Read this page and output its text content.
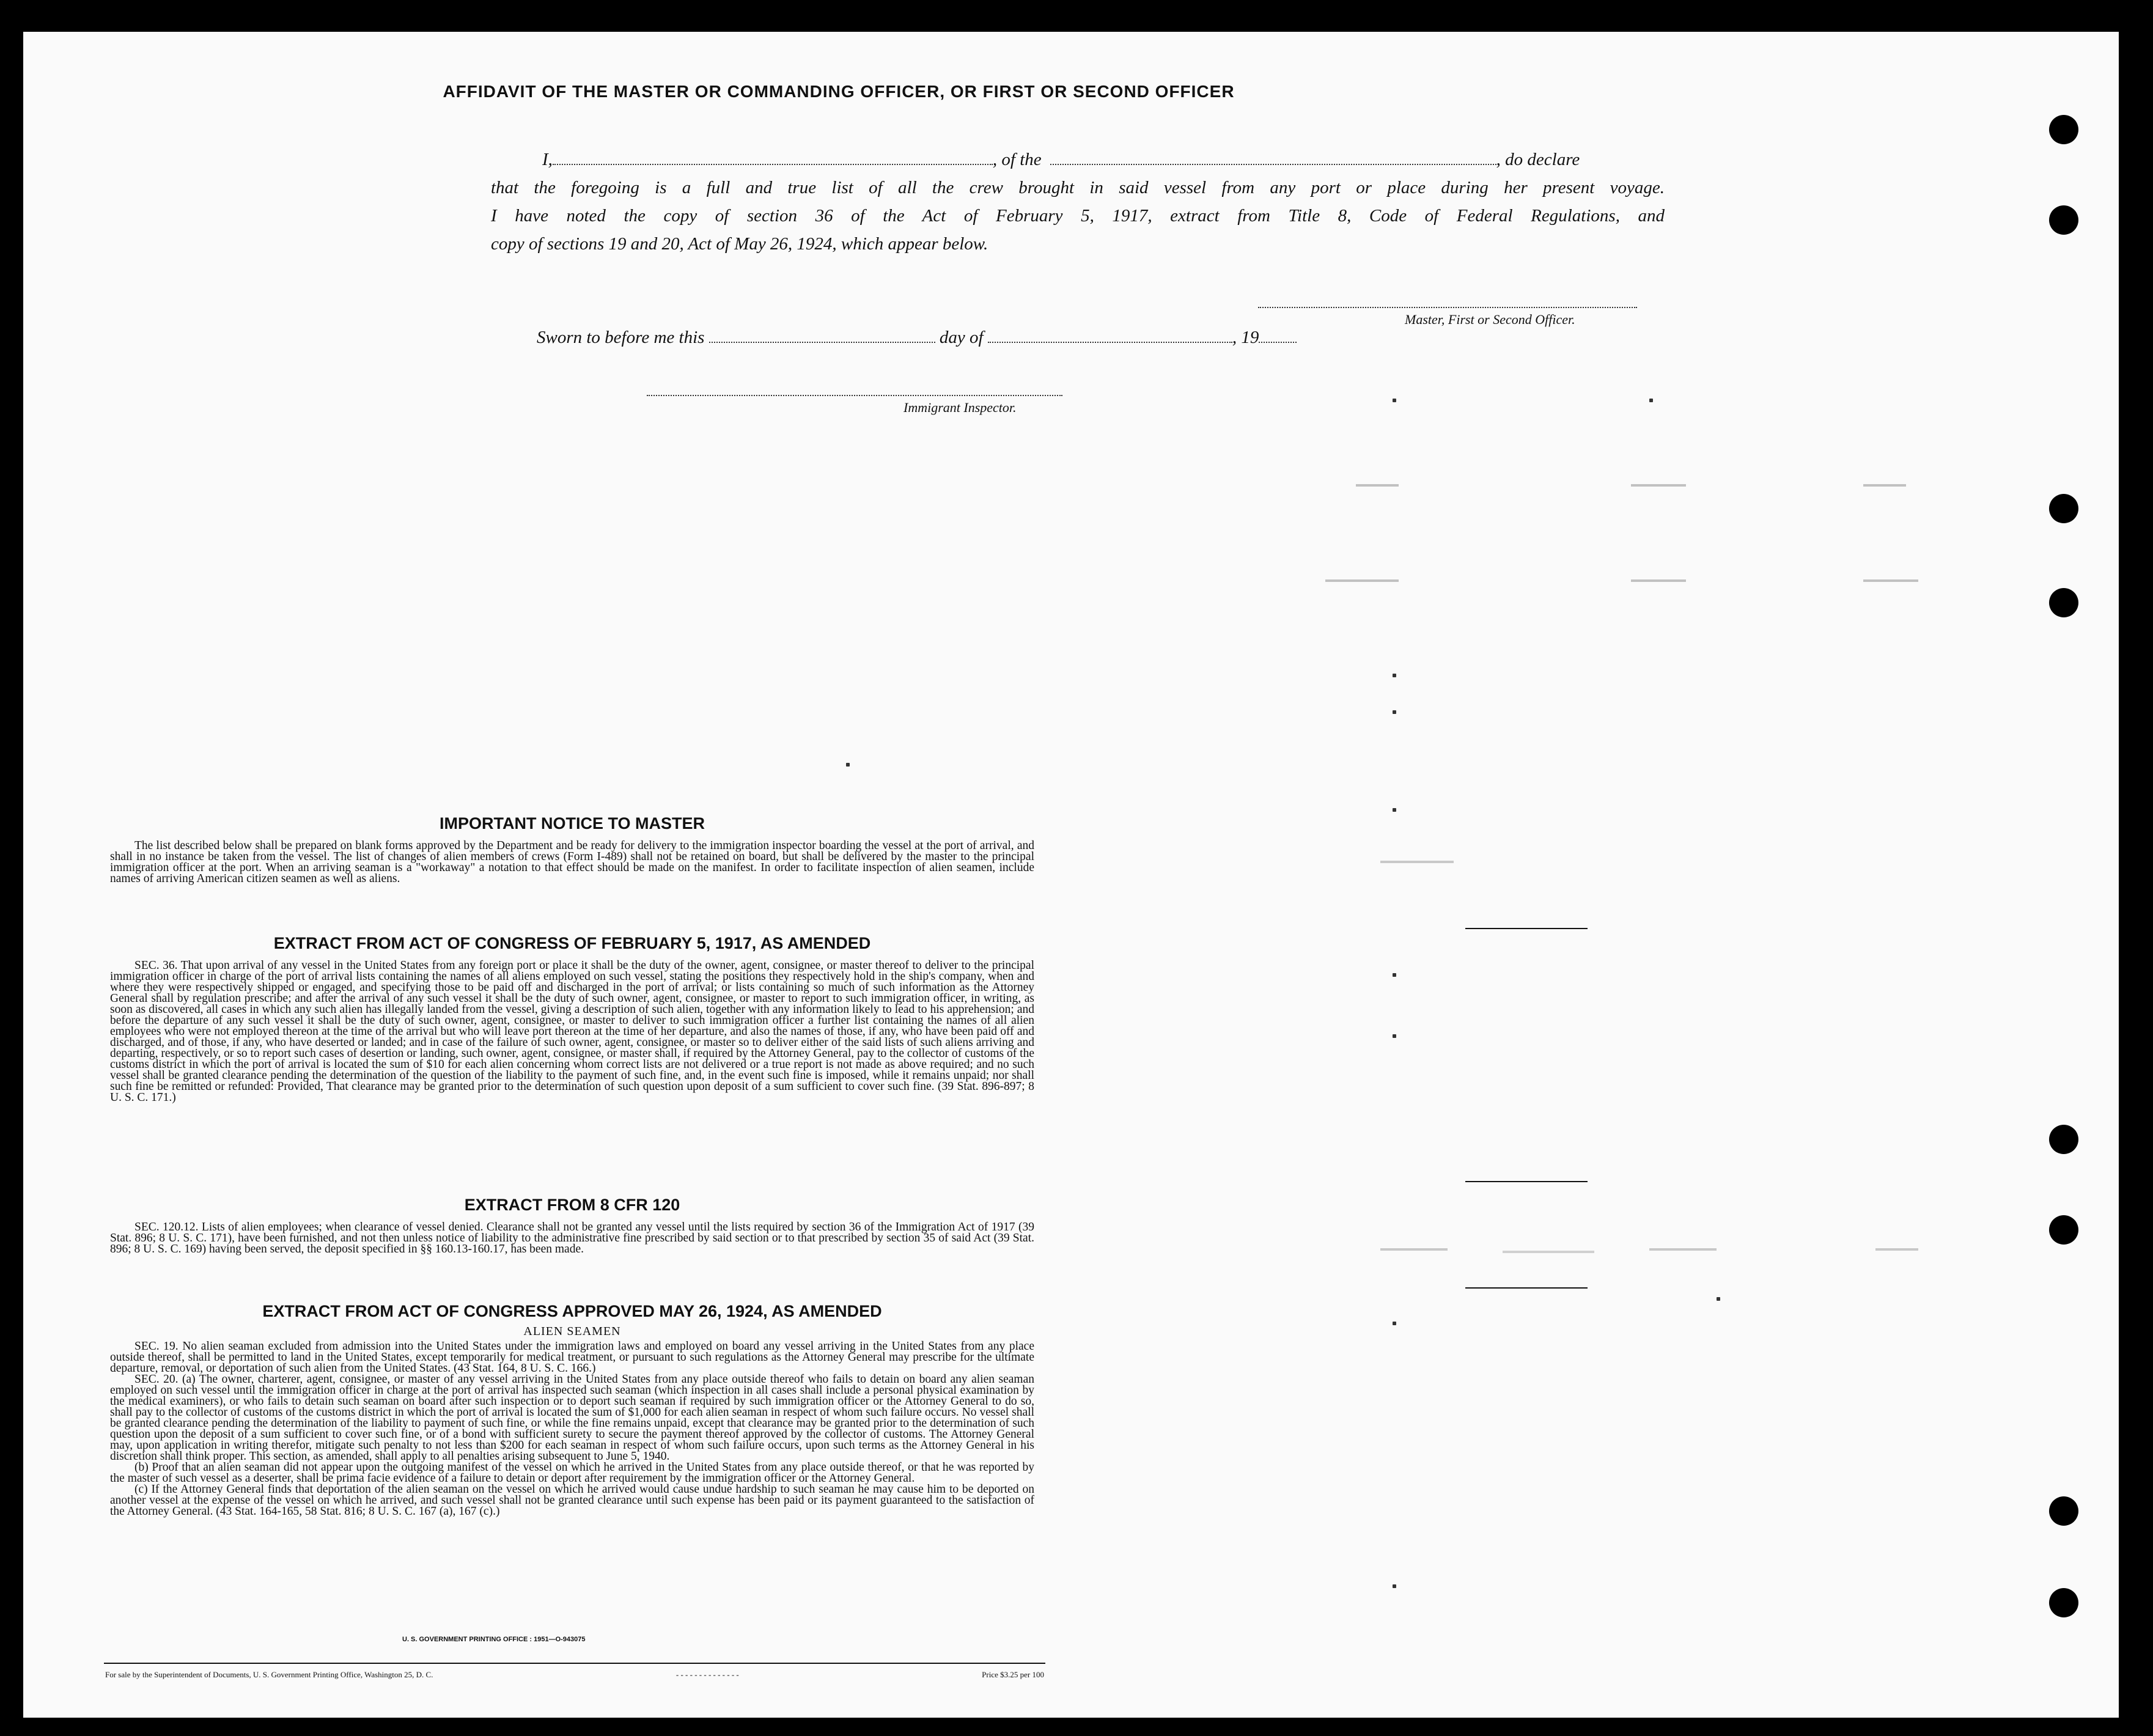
AFFIDAVIT OF THE MASTER OR COMMANDING OFFICER, OR FIRST OR SECOND OFFICER

I,	, of the	, do declare

that the foregoing is a full and true list of all the crew brought in said vessel from any port or place during her present voyage.

I have noted the copy of section 36 of the Act of February 5, 1917, extract from Title 8, Code of Federal Regulations, and

copy of sections 19 and 20, Act of May 26, 1924, which appear below.

Master, First or Second Officer.
Sworn to before me this	day of	, 19
Immigrant Inspector.
IMPORTANT NOTICE TO MASTER

The list described below shall be prepared on blank forms approved by the Department and be ready for delivery to the immigration inspector boarding the vessel at the port of arrival, and shall in no instance be taken from the vessel. The list of changes of alien members of crews (Form I-489) shall not be retained on board, but shall be delivered by the master to the principal immigration officer at the port. When an arriving seaman is a "workaway" a notation to that effect should be made on the manifest. In order to facilitate inspection of alien seamen, include names of arriving American citizen seamen as well as aliens.

EXTRACT FROM ACT OF CONGRESS OF FEBRUARY 5, 1917, AS AMENDED

SEC. 36. That upon arrival of any vessel in the United States from any foreign port or place it shall be the duty of the owner, agent, consignee, or master thereof to deliver to the principal immigration officer in charge of the port of arrival lists containing the names of all aliens employed on such vessel, stating the positions they respectively hold in the ship's company, when and where they were respectively shipped or engaged, and specifying those to be paid off and discharged in the port of arrival; or lists containing so much of such information as the Attorney General shall by regulation prescribe; and after the arrival of any such vessel it shall be the duty of such owner, agent, consignee, or master to report to such immigration officer, in writing, as soon as discovered, all cases in which any such alien has illegally landed from the vessel, giving a description of such alien, together with any information likely to lead to his apprehension; and before the departure of any such vessel it shall be the duty of such owner, agent, consignee, or master to deliver to such immigration officer a further list containing the names of all alien employees who were not employed thereon at the time of the arrival but who will leave port thereon at the time of her departure, and also the names of those, if any, who have been paid off and discharged, and of those, if any, who have deserted or landed; and in case of the failure of such owner, agent, consignee, or master so to deliver either of the said lists of such aliens arriving and departing, respectively, or so to report such cases of desertion or landing, such owner, agent, consignee, or master shall, if required by the Attorney General, pay to the collector of customs of the customs district in which the port of arrival is located the sum of $10 for each alien concerning whom correct lists are not delivered or a true report is not made as above required; and no such vessel shall be granted clearance pending the determination of the question of the liability to the payment of such fine, and, in the event such fine is imposed, while it remains unpaid; nor shall such fine be remitted or refunded: Provided, That clearance may be granted prior to the determination of such question upon deposit of a sum sufficient to cover such fine. (39 Stat. 896-897; 8 U. S. C. 171.)

EXTRACT FROM 8 CFR 120

SEC. 120.12. Lists of alien employees; when clearance of vessel denied. Clearance shall not be granted any vessel until the lists required by section 36 of the Immigration Act of 1917 (39 Stat. 896; 8 U. S. C. 171), have been furnished, and not then unless notice of liability to the administrative fine prescribed by said section or to that prescribed by section 35 of said Act (39 Stat. 896; 8 U. S. C. 169) having been served, the deposit specified in §§ 160.13-160.17, has been made.

EXTRACT FROM ACT OF CONGRESS APPROVED MAY 26, 1924, AS AMENDED

ALIEN SEAMEN

SEC. 19. No alien seaman excluded from admission into the United States under the immigration laws and employed on board any vessel arriving in the United States from any place outside thereof, shall be permitted to land in the United States, except temporarily for medical treatment, or pursuant to such regulations as the Attorney General may prescribe for the ultimate departure, removal, or deportation of such alien from the United States. (43 Stat. 164, 8 U. S. C. 166.)

SEC. 20. (a) The owner, charterer, agent, consignee, or master of any vessel arriving in the United States from any place outside thereof who fails to detain on board any alien seaman employed on such vessel until the immigration officer in charge at the port of arrival has inspected such seaman (which inspection in all cases shall include a personal physical examination by the medical examiners), or who fails to detain such seaman on board after such inspection or to deport such seaman if required by such immigration officer or the Attorney General to do so, shall pay to the collector of customs of the customs district in which the port of arrival is located the sum of $1,000 for each alien seaman in respect of whom such failure occurs. No vessel shall be granted clearance pending the determination of the liability to payment of such fine, or while the fine remains unpaid, except that clearance may be granted prior to the determination of such question upon the deposit of a sum sufficient to cover such fine, or of a bond with sufficient surety to secure the payment thereof approved by the collector of customs. The Attorney General may, upon application in writing therefor, mitigate such penalty to not less than $200 for each seaman in respect of whom such failure occurs, upon such terms as the Attorney General in his discretion shall think proper. This section, as amended, shall apply to all penalties arising subsequent to June 5, 1940.

(b) Proof that an alien seaman did not appear upon the outgoing manifest of the vessel on which he arrived in the United States from any place outside thereof, or that he was reported by the master of such vessel as a deserter, shall be prima facie evidence of a failure to detain or deport after requirement by the immigration officer or the Attorney General.

(c) If the Attorney General finds that deportation of the alien seaman on the vessel on which he arrived would cause undue hardship to such seaman he may cause him to be deported on another vessel at the expense of the vessel on which he arrived, and such vessel shall not be granted clearance until such expense has been paid or its payment guaranteed to the satisfaction of the Attorney General. (43 Stat. 164-165, 58 Stat. 816; 8 U. S. C. 167 (a), 167 (c).)

U. S. GOVERNMENT PRINTING OFFICE : 1951—O-943075
For sale by the Superintendent of Documents, U. S. Government Printing Office, Washington 25, D. C.	- - - - - - - - - - - - - -	Price $3.25 per 100
